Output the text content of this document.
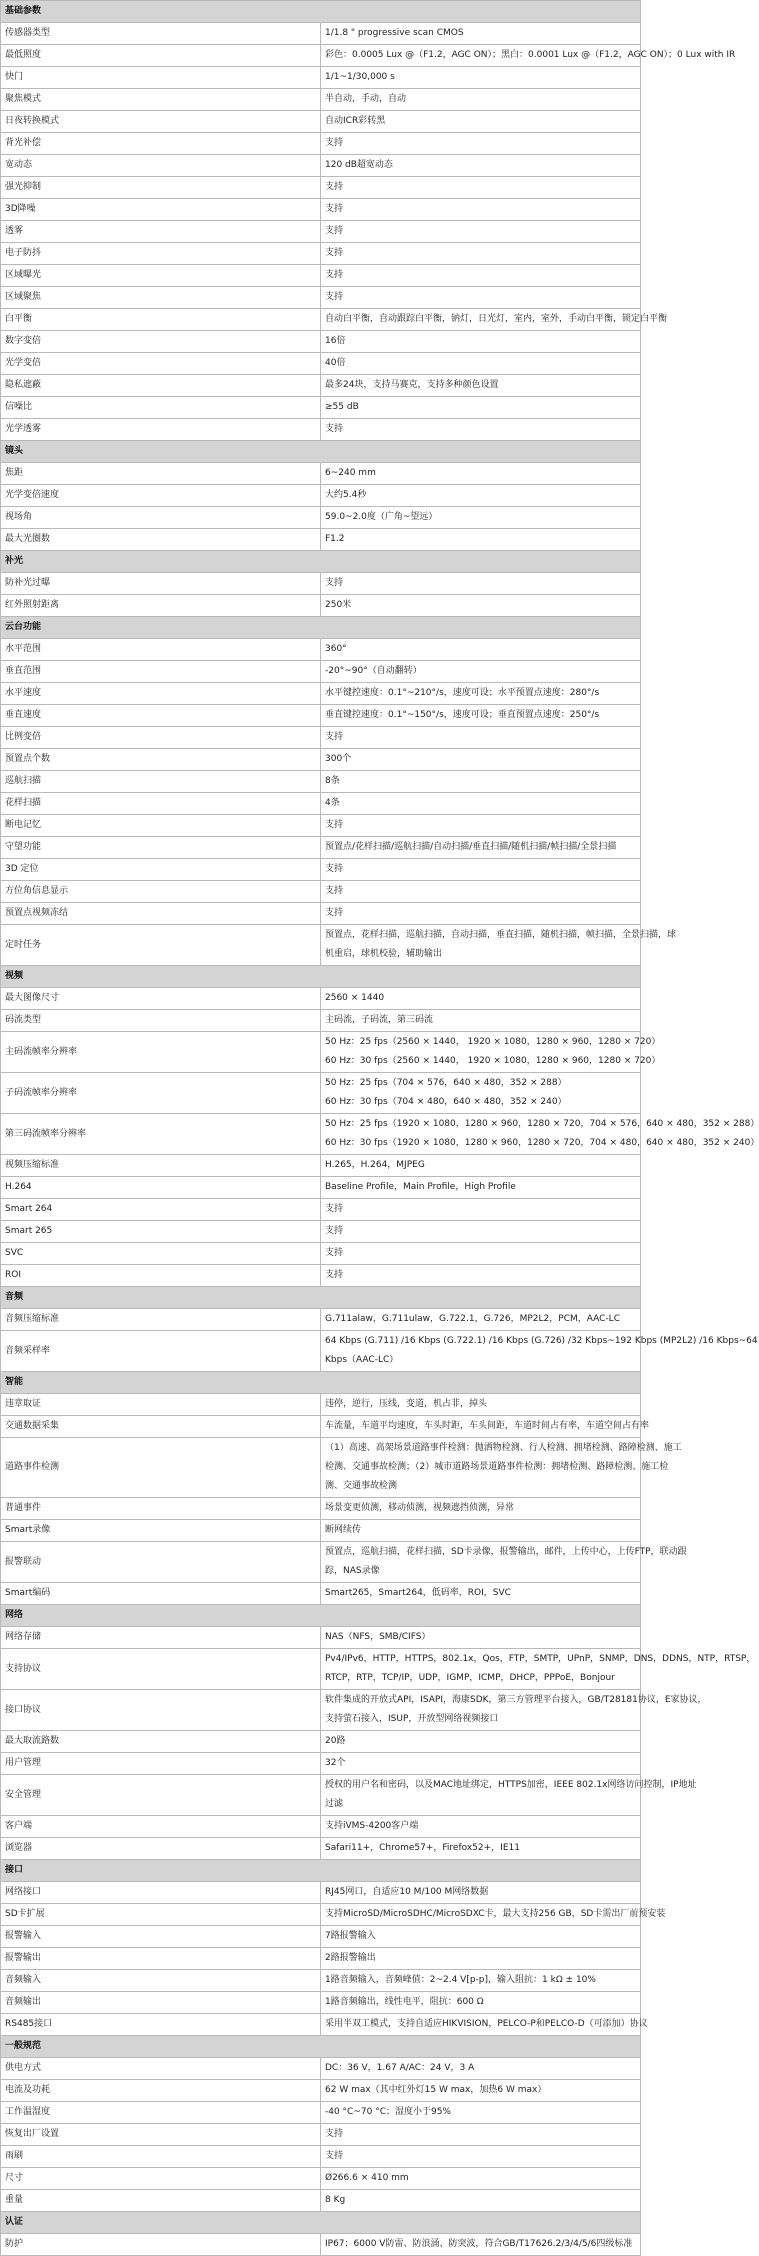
基础参数	
传感器类型	1/1.8 " progressive scan CMOS
最低照度	彩色：0.0005 Lux @（F1.2，AGC ON）；黑白：0.0001 Lux @（F1.2，AGC ON）；0 Lux with IR
快门	1/1~1/30,000 s
聚焦模式	半自动，手动，自动
日夜转换模式	自动ICR彩转黑
背光补偿	支持
宽动态	120 dB超宽动态
强光抑制	支持
3D降噪	支持
透雾	支持
电子防抖	支持
区域曝光	支持
区域聚焦	支持
白平衡	自动白平衡，自动跟踪白平衡，钠灯，日光灯，室内，室外，手动白平衡，锁定白平衡
数字变倍	16倍
光学变倍	40倍
隐私遮蔽	最多24块，支持马赛克，支持多种颜色设置
信噪比	≥55 dB
光学透雾	支持
镜头	
焦距	6~240 mm
光学变倍速度	大约5.4秒
视场角	59.0~2.0度（广角~望远）
最大光圈数	F1.2
补光	
防补光过曝	支持
红外照射距离	250米
云台功能	
水平范围	360°
垂直范围	-20°~90°（自动翻转）
水平速度	水平键控速度：0.1°~210°/s，速度可设；水平预置点速度：280°/s
垂直速度	垂直键控速度：0.1°~150°/s，速度可设；垂直预置点速度：250°/s
比例变倍	支持
预置点个数	300个
巡航扫描	8条
花样扫描	4条
断电记忆	支持
守望功能	预置点/花样扫描/巡航扫描/自动扫描/垂直扫描/随机扫描/帧扫描/全景扫描
3D 定位	支持
方位角信息显示	支持
预置点视频冻结	支持
定时任务	预置点，花样扫描，巡航扫描，自动扫描，垂直扫描，随机扫描，帧扫描，全景扫描，球
机重启，球机校验，辅助输出
视频	
最大图像尺寸	2560 × 1440
码流类型	主码流，子码流，第三码流
主码流帧率分辨率	50 Hz：25 fps（2560 × 1440， 1920 × 1080，1280 × 960，1280 × 720）
60 Hz：30 fps（2560 × 1440， 1920 × 1080，1280 × 960，1280 × 720）
子码流帧率分辨率	50 Hz：25 fps（704 × 576，640 × 480，352 × 288）
60 Hz：30 fps（704 × 480，640 × 480，352 × 240）
第三码流帧率分辨率	50 Hz：25 fps（1920 × 1080，1280 × 960，1280 × 720，704 × 576，640 × 480，352 × 288）
60 Hz：30 fps（1920 × 1080，1280 × 960，1280 × 720，704 × 480，640 × 480，352 × 240）
视频压缩标准	H.265，H.264，MJPEG
H.264	Baseline Profile，Main Profile，High Profile
Smart 264	支持
Smart 265	支持
SVC	支持
ROI	支持
音频	
音频压缩标准	G.711alaw，G.711ulaw，G.722.1，G.726，MP2L2，PCM，AAC-LC
音频采样率	64 Kbps (G.711) /16 Kbps (G.722.1) /16 Kbps (G.726) /32 Kbps~192 Kbps (MP2L2) /16 Kbps~64
Kbps（AAC-LC）
智能	
违章取证	违停，逆行，压线，变道，机占非，掉头
交通数据采集	车流量，车道平均速度，车头时距，车头间距，车道时间占有率，车道空间占有率
道路事件检测	（1）高速、高架场景道路事件检测：抛洒物检测、行人检测、拥堵检测、路障检测、施工
检测、交通事故检测；（2）城市道路场景道路事件检测：拥堵检测、路障检测、施工检
测、交通事故检测
普通事件	场景变更侦测，移动侦测，视频遮挡侦测，异常
Smart录像	断网续传
报警联动	预置点，巡航扫描，花样扫描，SD卡录像，报警输出，邮件，上传中心，上传FTP，联动跟
踪，NAS录像
Smart编码	Smart265，Smart264，低码率，ROI，SVC
网络	
网络存储	NAS（NFS，SMB/CIFS）
支持协议	Pv4/IPv6，HTTP，HTTPS，802.1x，Qos，FTP，SMTP，UPnP，SNMP，DNS，DDNS，NTP，RTSP，
RTCP，RTP，TCP/IP，UDP，IGMP，ICMP，DHCP，PPPoE，Bonjour
接口协议	软件集成的开放式API，ISAPI，海康SDK，第三方管理平台接入，GB/T28181协议，E家协议，
支持萤石接入，ISUP，开放型网络视频接口
最大取流路数	20路
用户管理	32个
安全管理	授权的用户名和密码，以及MAC地址绑定，HTTPS加密，IEEE 802.1x网络访问控制，IP地址
过滤
客户端	支持iVMS-4200客户端
浏览器	Safari11+，Chrome57+，Firefox52+，IE11
接口	
网络接口	RJ45网口，自适应10 M/100 M网络数据
SD卡扩展	支持MicroSD/MicroSDHC/MicroSDXC卡，最大支持256 GB，SD卡需出厂前预安装
报警输入	7路报警输入
报警输出	2路报警输出
音频输入	1路音频输入，音频峰值：2~2.4 V[p-p]，输入阻抗：1 kΩ ± 10%
音频输出	1路音频输出，线性电平，阻抗：600 Ω
RS485接口	采用半双工模式，支持自适应HIKVISION，PELCO-P和PELCO-D（可添加）协议
一般规范	
供电方式	DC：36 V，1.67 A/AC：24 V，3 A
电流及功耗	62 W max（其中红外灯15 W max，加热6 W max）
工作温湿度	-40 °C~70 °C；湿度小于95%
恢复出厂设置	支持
雨刷	支持
尺寸	Ø266.6 × 410 mm
重量	8 Kg
认证	
防护	IP67；6000 V防雷、防浪涌、防突波，符合GB/T17626.2/3/4/5/6四级标准
